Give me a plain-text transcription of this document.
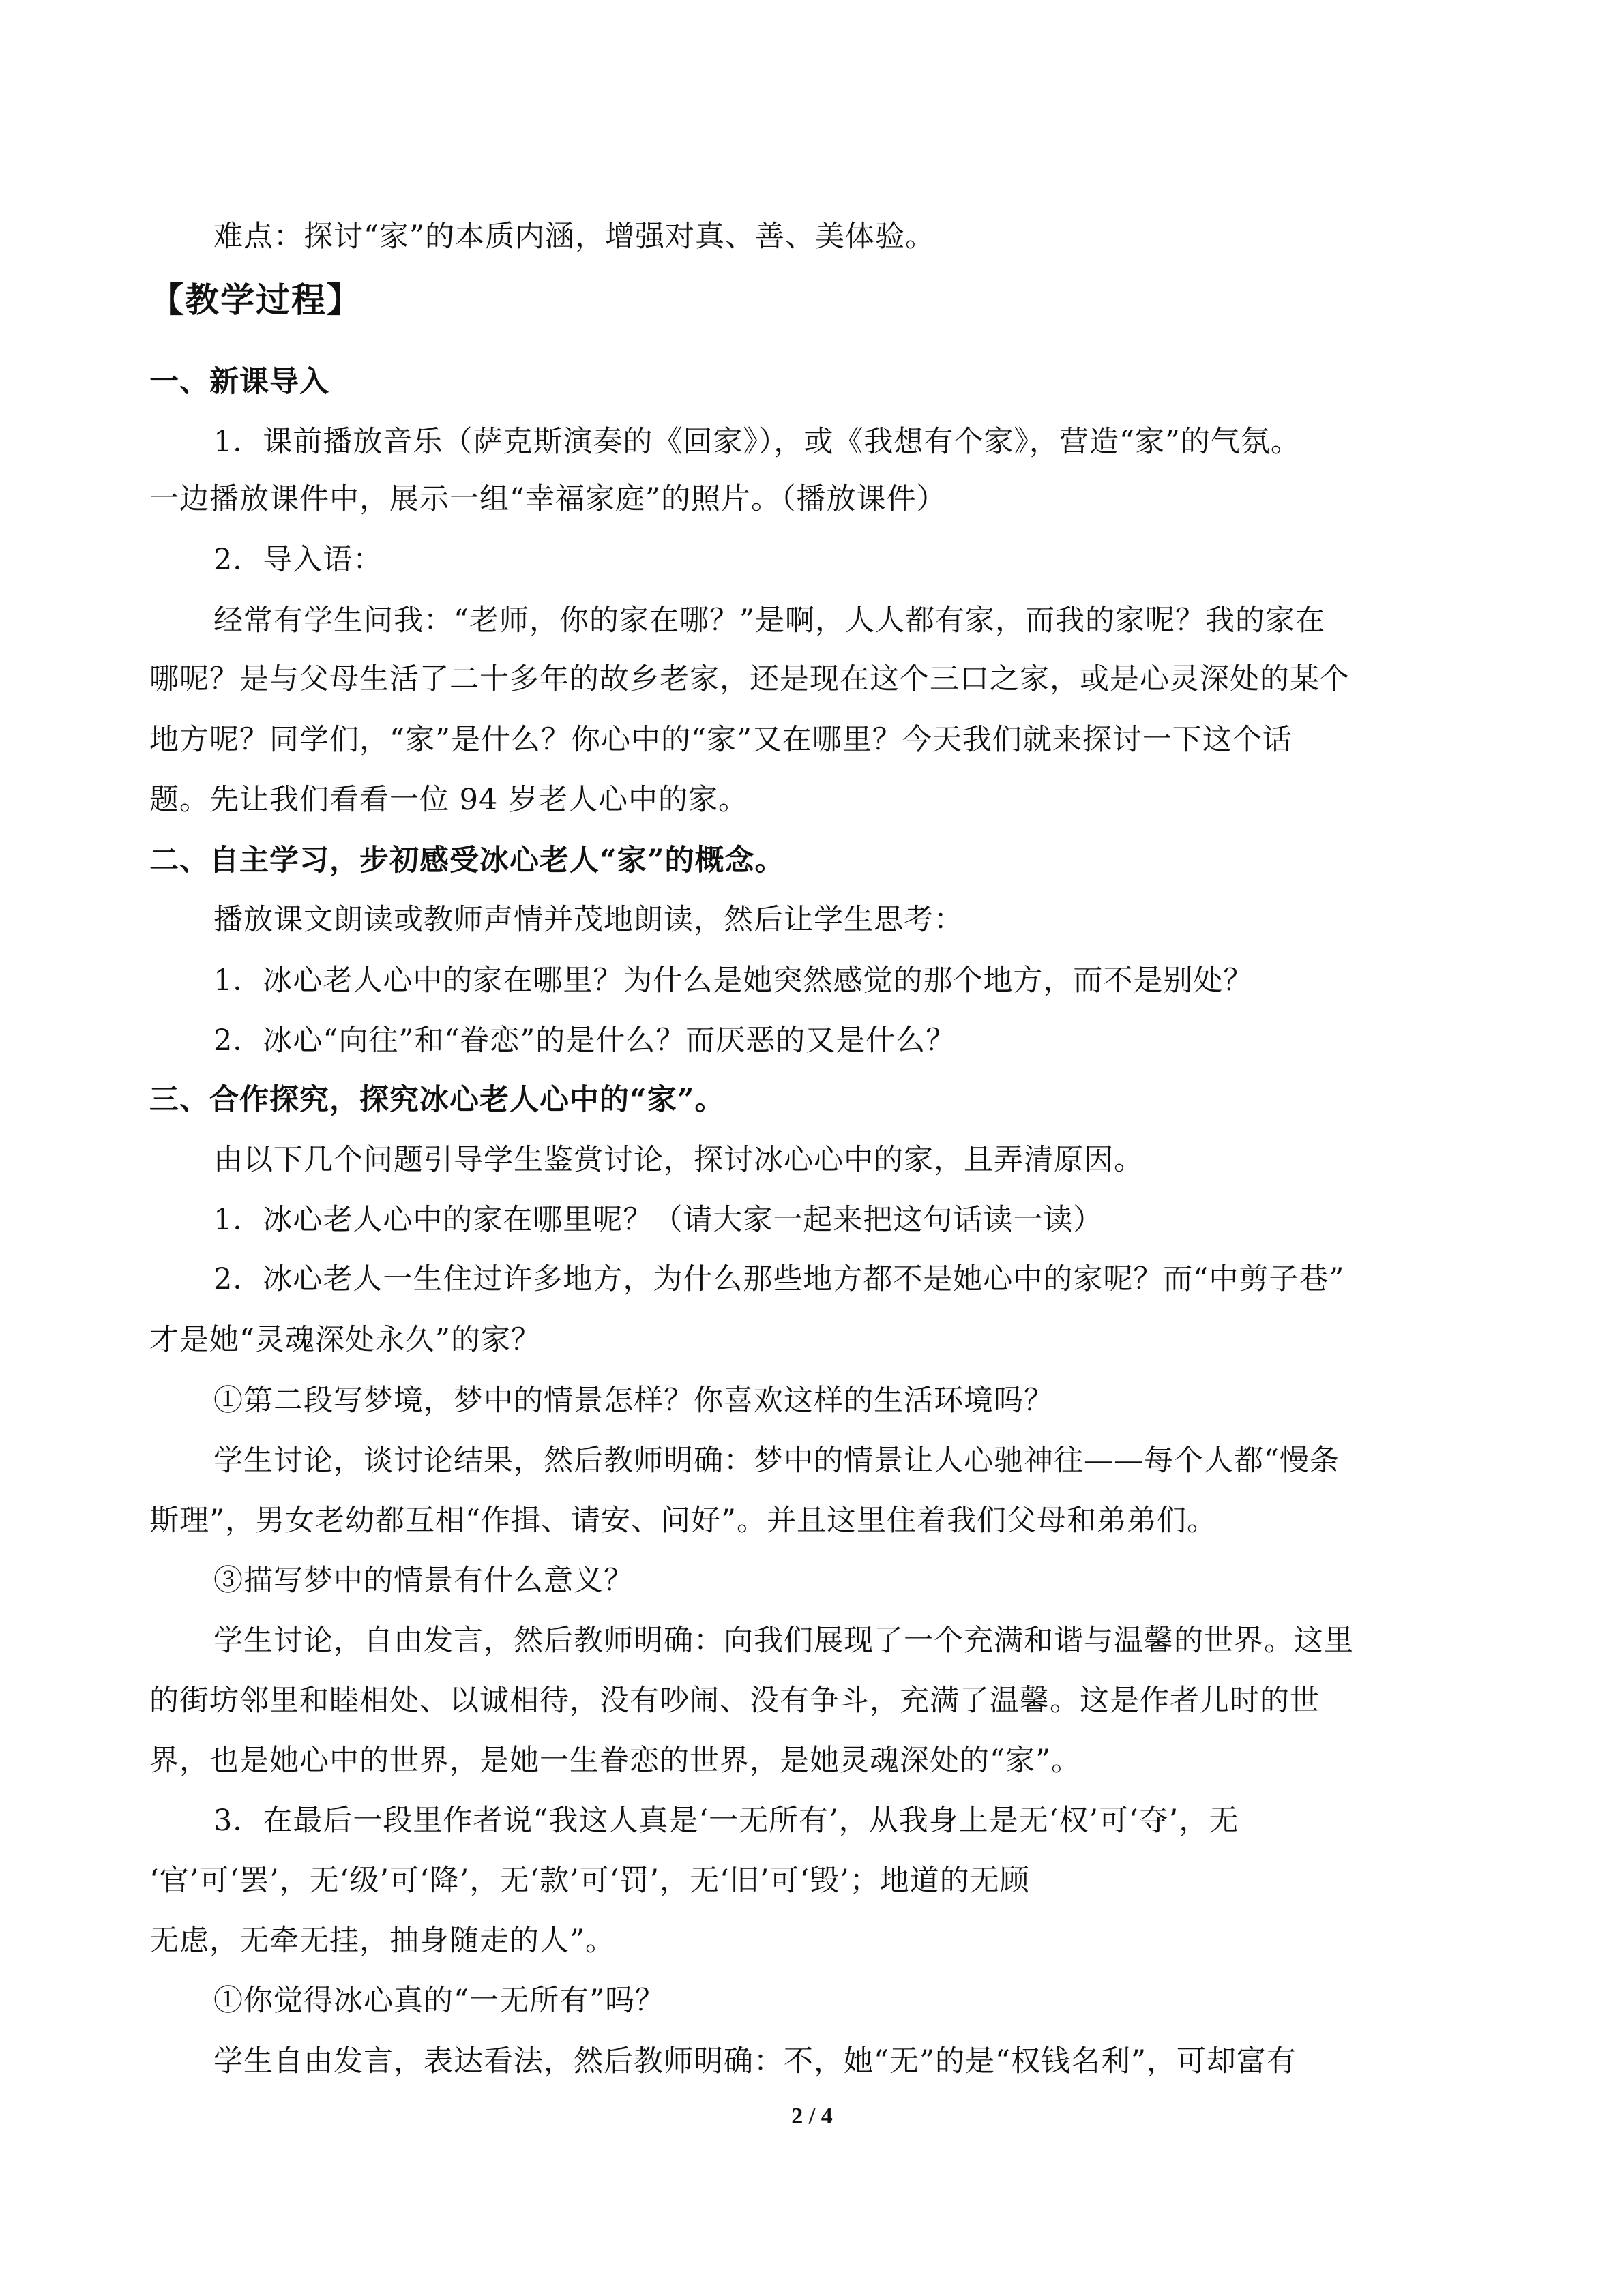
难点：探讨“家”的本质内涵，增强对真、善、美体验。
【教学过程】
一、新课导入
1．课前播放音乐（萨克斯演奏的《回家》），或《我想有个家》，营造“家”的气氛。
一边播放课件中，展示一组“幸福家庭”的照片。（播放课件）
2．导入语：
经常有学生问我：“老师，你的家在哪？”是啊，人人都有家，而我的家呢？我的家在
哪呢？是与父母生活了二十多年的故乡老家，还是现在这个三口之家，或是心灵深处的某个
地方呢？同学们，“家”是什么？你心中的“家”又在哪里？今天我们就来探讨一下这个话
题。先让我们看看一位 94 岁老人心中的家。
二、自主学习，步初感受冰心老人“家”的概念。
播放课文朗读或教师声情并茂地朗读，然后让学生思考：
1．冰心老人心中的家在哪里？为什么是她突然感觉的那个地方，而不是别处？
2．冰心“向往”和“眷恋”的是什么？而厌恶的又是什么？
三、合作探究，探究冰心老人心中的“家”。
由以下几个问题引导学生鉴赏讨论，探讨冰心心中的家，且弄清原因。
1．冰心老人心中的家在哪里呢？（请大家一起来把这句话读一读）
2．冰心老人一生住过许多地方，为什么那些地方都不是她心中的家呢？而“中剪子巷”
才是她“灵魂深处永久”的家？
①第二段写梦境，梦中的情景怎样？你喜欢这样的生活环境吗？
学生讨论，谈讨论结果，然后教师明确：梦中的情景让人心驰神往——每个人都“慢条
斯理”，男女老幼都互相“作揖、请安、问好”。并且这里住着我们父母和弟弟们。
③描写梦中的情景有什么意义？
学生讨论，自由发言，然后教师明确：向我们展现了一个充满和谐与温馨的世界。这里
的街坊邻里和睦相处、以诚相待，没有吵闹、没有争斗，充满了温馨。这是作者儿时的世
界，也是她心中的世界，是她一生眷恋的世界，是她灵魂深处的“家”。
3．在最后一段里作者说“我这人真是‘一无所有’，从我身上是无‘权’可‘夺’，无
‘官’可‘罢’，无‘级’可‘降’，无‘款’可‘罚’，无‘旧’可‘毁’；地道的无顾
无虑，无牵无挂，抽身随走的人”。
①你觉得冰心真的“一无所有”吗？
学生自由发言，表达看法，然后教师明确：不，她“无”的是“权钱名利”，可却富有
2 / 4
